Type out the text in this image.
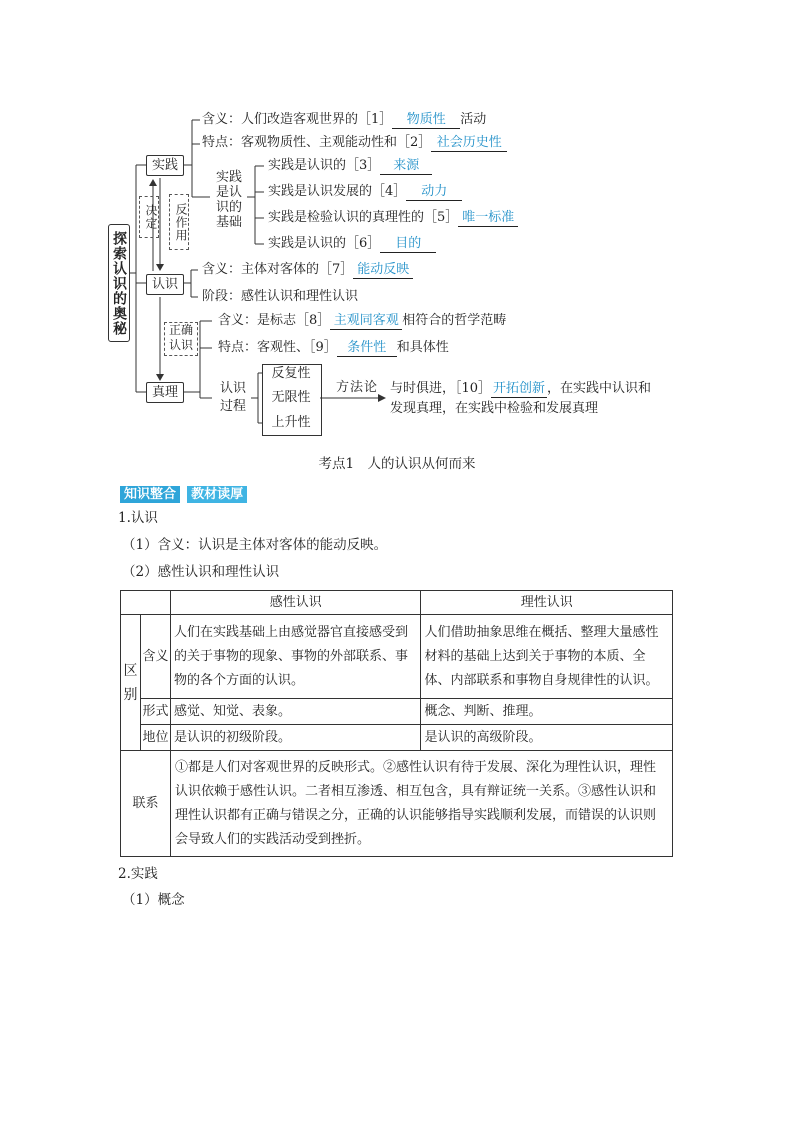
探索认识的奥秘
实践
含义：人们改造客观世界的［1］ 物质性 活动
特点：客观物质性、主观能动性和［2］ 社会历史性
实践是认识的基础
实践是认识的［3］ 来源
实践是认识发展的［4］ 动力
实践是检验认识的真理性的［5］ 唯一标准
实践是认识的［6］ 目的
决定	反作用
认识
含义：主体对客体的［7］ 能动反映
阶段：感性认识和理性认识
正确认识
真理
含义：是标志［8］ 主观同客观 相符合的哲学范畴
特点：客观性、［9］ 条件性 和具体性
认识过程
反复性
无限性
上升性
方法论 与时俱进，［10］ 开拓创新 ，在实践中认识和
发现真理，在实践中检验和发展真理
考点1　人的认识从何而来
知识整合 教材读厚
1.认识
（1）含义：认识是主体对客体的能动反映。
（2）感性认识和理性认识
		感性认识	理性认识
区别	含义	人们在实践基础上由感觉器官直接感受到的关于事物的现象、事物的外部联系、事物的各个方面的认识。	人们借助抽象思维在概括、整理大量感性材料的基础上达到关于事物的本质、全体、内部联系和事物自身规律性的认识。
	形式	感觉、知觉、表象。	概念、判断、推理。
	地位	是认识的初级阶段。	是认识的高级阶段。
联系		①都是人们对客观世界的反映形式。②感性认识有待于发展、深化为理性认识，理性认识依赖于感性认识。二者相互渗透、相互包含，具有辩证统一关系。③感性认识和理性认识都有正确与错误之分，正确的认识能够指导实践顺利发展，而错误的认识则会导致人们的实践活动受到挫折。	
2.实践
（1）概念
